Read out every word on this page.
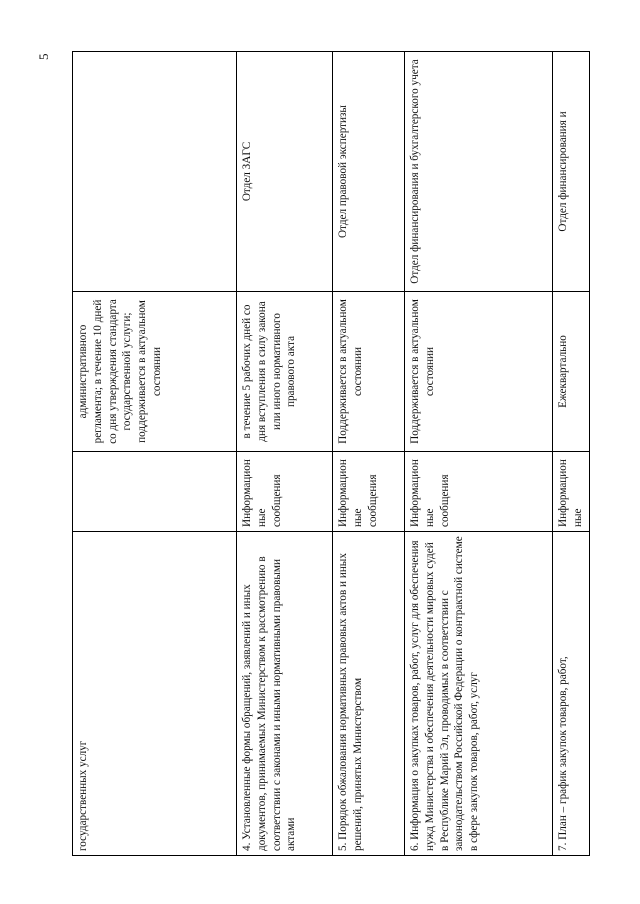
5
государственных услуг		административного регламента; в течение 10 дней со дня утверждения стандарта государственной услуги; поддерживается в актуальном состоянии	
4. Установленные формы обращений, заявлений и иных документов, принимаемых Министерством к рассмотрению в соответствии с законами и иными нормативными правовыми актами	Информационные сообщения	в течение 5 рабочих дней со дня вступления в силу закона или иного нормативного правового акта	Отдел ЗАГС
5. Порядок обжалования нормативных правовых актов и иных решений, принятых Министерством	Информационные сообщения	Поддерживается в актуальном состоянии	Отдел правовой экспертизы
6. Информация о закупках товаров, работ, услуг для обеспечения нужд Министерства и обеспечения деятельности мировых судей в Республике Марий Эл, проводимых в соответствии с законодательством Российской Федерации о контрактной системе в сфере закупок товаров, работ, услуг	Информационные сообщения	Поддерживается в актуальном состоянии	Отдел финансирования и бухгалтерского учета
7. План – график закупок товаров, работ,	Информационные	Ежеквартально	Отдел финансирования и
